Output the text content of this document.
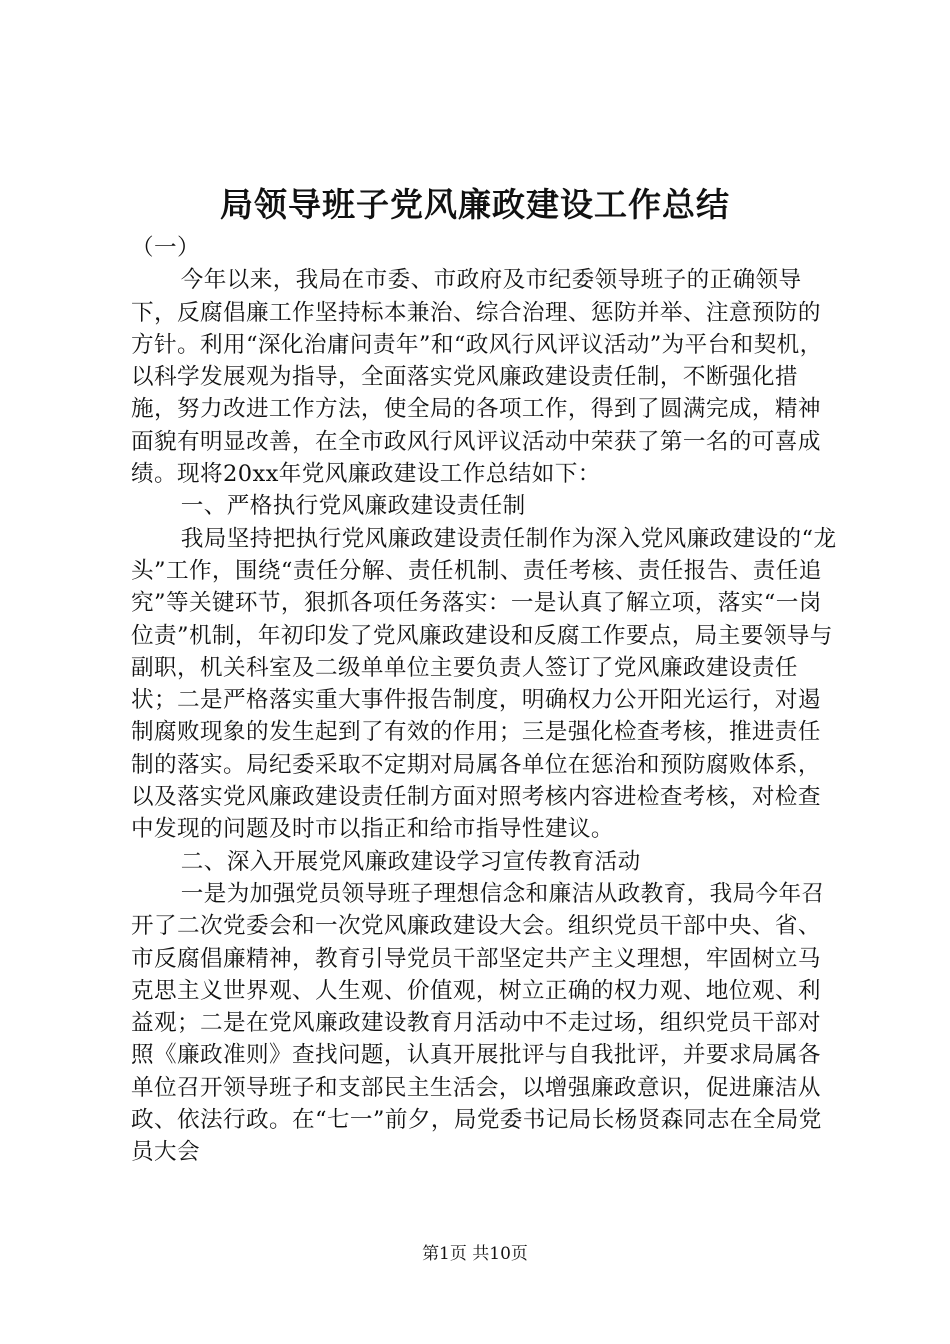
局领导班子党风廉政建设工作总结

（一）

今年以来，我局在市委、市政府及市纪委领导班子的正确领导下，反腐倡廉工作坚持标本兼治、综合治理、惩防并举、注意预防的方针。利用“深化治庸问责年”和“政风行风评议活动”为平台和契机，以科学发展观为指导，全面落实党风廉政建设责任制，不断强化措施，努力改进工作方法，使全局的各项工作，得到了圆满完成，精神面貌有明显改善，在全市政风行风评议活动中荣获了第一名的可喜成绩。现将20xx年党风廉政建设工作总结如下：

一、严格执行党风廉政建设责任制

我局坚持把执行党风廉政建设责任制作为深入党风廉政建设的“龙头”工作，围绕“责任分解、责任机制、责任考核、责任报告、责任追究”等关键环节，狠抓各项任务落实：一是认真了解立项，落实“一岗位责”机制，年初印发了党风廉政建设和反腐工作要点，局主要领导与副职，机关科室及二级单单位主要负责人签订了党风廉政建设责任状；二是严格落实重大事件报告制度，明确权力公开阳光运行，对遏制腐败现象的发生起到了有效的作用；三是强化检查考核，推进责任制的落实。局纪委采取不定期对局属各单位在惩治和预防腐败体系，以及落实党风廉政建设责任制方面对照考核内容进检查考核，对检查中发现的问题及时市以指正和给市指导性建议。

二、深入开展党风廉政建设学习宣传教育活动

一是为加强党员领导班子理想信念和廉洁从政教育，我局今年召开了二次党委会和一次党风廉政建设大会。组织党员干部中央、省、市反腐倡廉精神，教育引导党员干部坚定共产主义理想，牢固树立马克思主义世界观、人生观、价值观，树立正确的权力观、地位观、利益观；二是在党风廉政建设教育月活动中不走过场，组织党员干部对照《廉政准则》查找问题，认真开展批评与自我批评，并要求局属各单位召开领导班子和支部民主生活会，以增强廉政意识，促进廉洁从政、依法行政。在“七一”前夕，局党委书记局长杨贤森同志在全局党员大会

第1页 共10页
